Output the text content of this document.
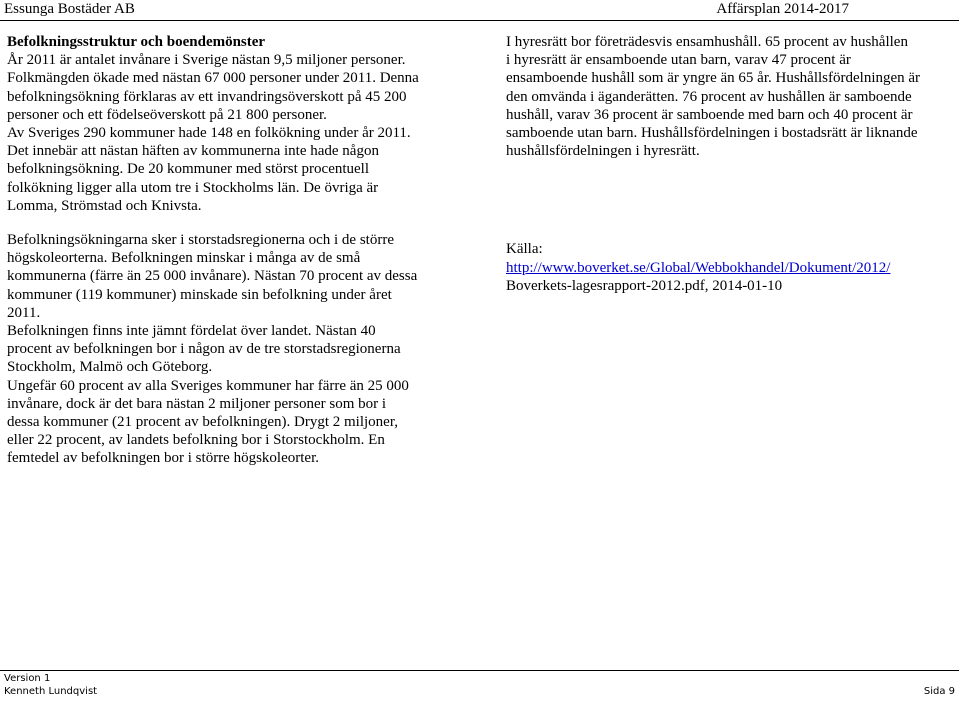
Essunga Bostäder AB	Affärsplan 2014-2017

Befolkningsstruktur och boendemönster

År 2011 är antalet invånare i Sverige nästan 9,5 miljoner personer.
Folkmängden ökade med nästan 67 000 personer under 2011. Denna
befolkningsökning förklaras av ett invandringsöverskott på 45 200
personer och ett födelseöverskott på 21 800 personer.
Av Sveriges 290 kommuner hade 148 en folkökning under år 2011.
Det innebär att nästan häften av kommunerna inte hade någon
befolkningsökning. De 20 kommuner med störst procentuell
folkökning ligger alla utom tre i Stockholms län. De övriga är
Lomma, Strömstad och Knivsta.
Befolkningsökningarna sker i storstadsregionerna och i de större
högskoleorterna. Befolkningen minskar i många av de små
kommunerna (färre än 25 000 invånare). Nästan 70 procent av dessa
kommuner (119 kommuner) minskade sin befolkning under året
2011.
Befolkningen finns inte jämnt fördelat över landet. Nästan 40
procent av befolkningen bor i någon av de tre storstadsregionerna
Stockholm, Malmö och Göteborg.
Ungefär 60 procent av alla Sveriges kommuner har färre än 25 000
invånare, dock är det bara nästan 2 miljoner personer som bor i
dessa kommuner (21 procent av befolkningen). Drygt 2 miljoner,
eller 22 procent, av landets befolkning bor i Storstockholm. En
femtedel av befolkningen bor i större högskoleorter.
I hyresrätt bor företrädesvis ensamhushåll. 65 procent av hushållen
i hyresrätt är ensamboende utan barn, varav 47 procent är
ensamboende hushåll som är yngre än 65 år. Hushållsfördelningen är
den omvända i äganderätten. 76 procent av hushållen är samboende
hushåll, varav 36 procent är samboende med barn och 40 procent är
samboende utan barn. Hushållsfördelningen i bostadsrätt är liknande
hushållsfördelningen i hyresrätt.
Källa:
http://www.boverket.se/Global/Webbokhandel/Dokument/2012/
Boverkets-lagesrapport-2012.pdf, 2014-01-10
Version 1
Kenneth Lundqvist	Sida 9
